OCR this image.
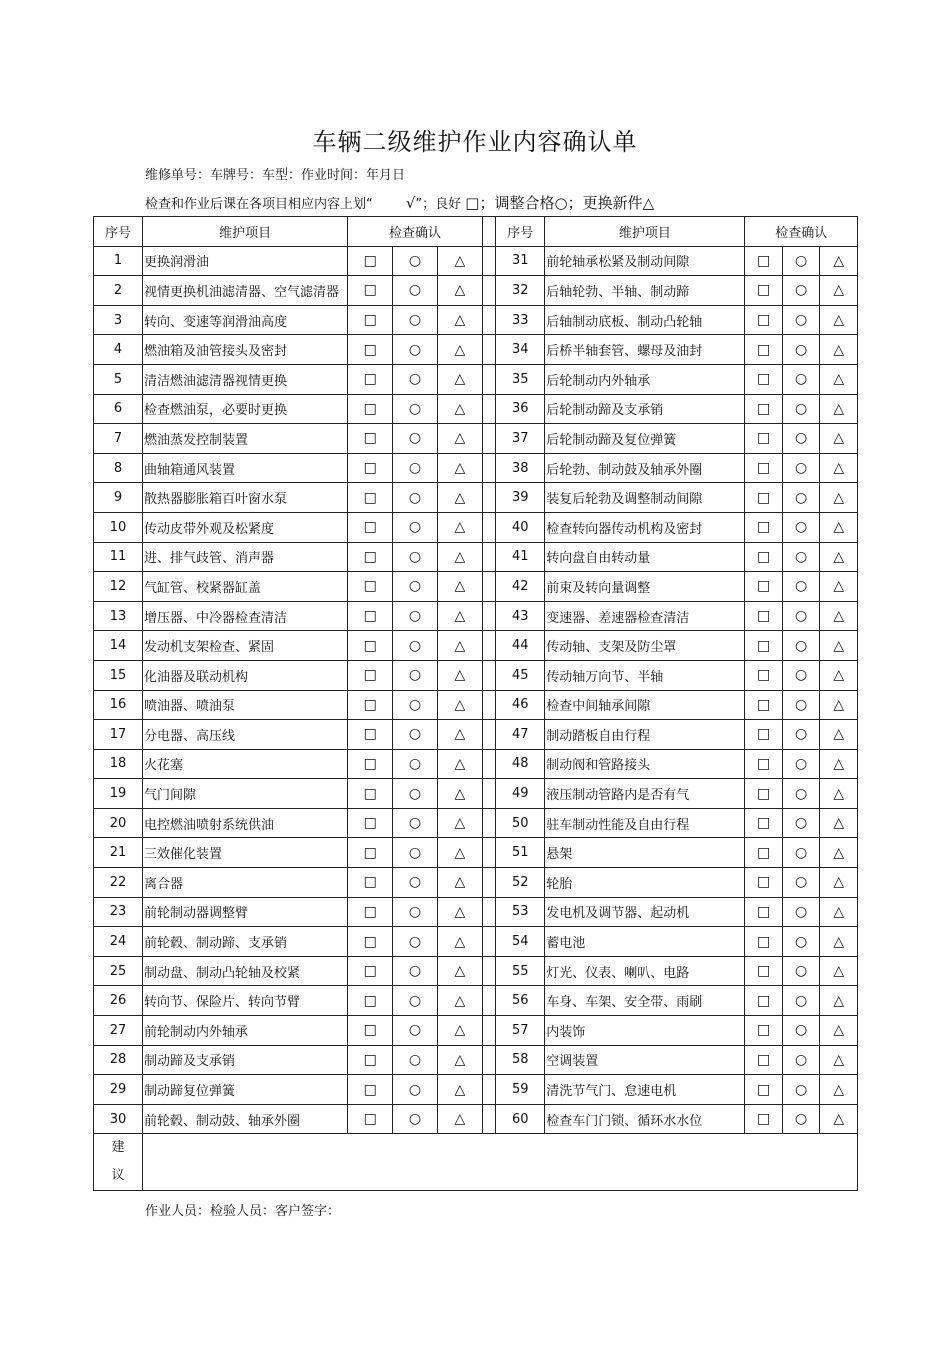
车辆二级维护作业内容确认单
维修单号：车牌号：车型：作业时间：年月日
检查和作业后课在各项目相应内容上划“ √”；良好 □；调整合格○；更换新件△
序号	维护项目	检查确认				序号	维护项目	检查确认		
1	更换润滑油	□	○	△		31	前轮轴承松紧及制动间隙	□	○	△
2	视情更换机油滤清器、空气滤清器	□	○	△		32	后轴轮勃、半轴、制动蹄	□	○	△
3	转向、变速等润滑油高度	□	○	△		33	后轴制动底板、制动凸轮轴	□	○	△
4	燃油箱及油管接头及密封	□	○	△		34	后桥半轴套管、螺母及油封	□	○	△
5	清洁燃油滤清器视情更换	□	○	△		35	后轮制动内外轴承	□	○	△
6	检查燃油泵，必要时更换	□	○	△		36	后轮制动蹄及支承销	□	○	△
7	燃油蒸发控制装置	□	○	△		37	后轮制动蹄及复位弹簧	□	○	△
8	曲轴箱通风装置	□	○	△		38	后轮勃、制动鼓及轴承外圈	□	○	△
9	散热器膨胀箱百叶窗水泵	□	○	△		39	装复后轮勃及调整制动间隙	□	○	△
10	传动皮带外观及松紧度	□	○	△		40	检查转向器传动机构及密封	□	○	△
11	进、排气歧管、消声器	□	○	△		41	转向盘自由转动量	□	○	△
12	气缸管、校紧器缸盖	□	○	△		42	前束及转向量调整	□	○	△
13	增压器、中冷器检查清洁	□	○	△		43	变速器、差速器检查清洁	□	○	△
14	发动机支架检查、紧固	□	○	△		44	传动轴、支架及防尘罩	□	○	△
15	化油器及联动机构	□	○	△		45	传动轴万向节、半轴	□	○	△
16	喷油器、喷油泵	□	○	△		46	检查中间轴承间隙	□	○	△
17	分电器、高压线	□	○	△		47	制动踏板自由行程	□	○	△
18	火花塞	□	○	△		48	制动阀和管路接头	□	○	△
19	气门间隙	□	○	△		49	液压制动管路内是否有气	□	○	△
20	电控燃油喷射系统供油	□	○	△		50	驻车制动性能及自由行程	□	○	△
21	三效催化装置	□	○	△		51	悬架	□	○	△
22	离合器	□	○	△		52	轮胎	□	○	△
23	前轮制动器调整臂	□	○	△		53	发电机及调节器、起动机	□	○	△
24	前轮毂、制动蹄、支承销	□	○	△		54	蓄电池	□	○	△
25	制动盘、制动凸轮轴及校紧	□	○	△		55	灯光、仪表、喇叭、电路	□	○	△
26	转向节、保险片、转向节臂	□	○	△		56	车身、车架、安全带、雨刷	□	○	△
27	前轮制动内外轴承	□	○	△		57	内装饰	□	○	△
28	制动蹄及支承销	□	○	△		58	空调装置	□	○	△
29	制动蹄复位弹簧	□	○	△		59	清洗节气门、怠速电机	□	○	△
30	前轮毂、制动鼓、轴承外圈	□	○	△		60	检查车门门锁、循环水水位	□	○	△

建
议										

作业人员：检验人员：客户签字：
